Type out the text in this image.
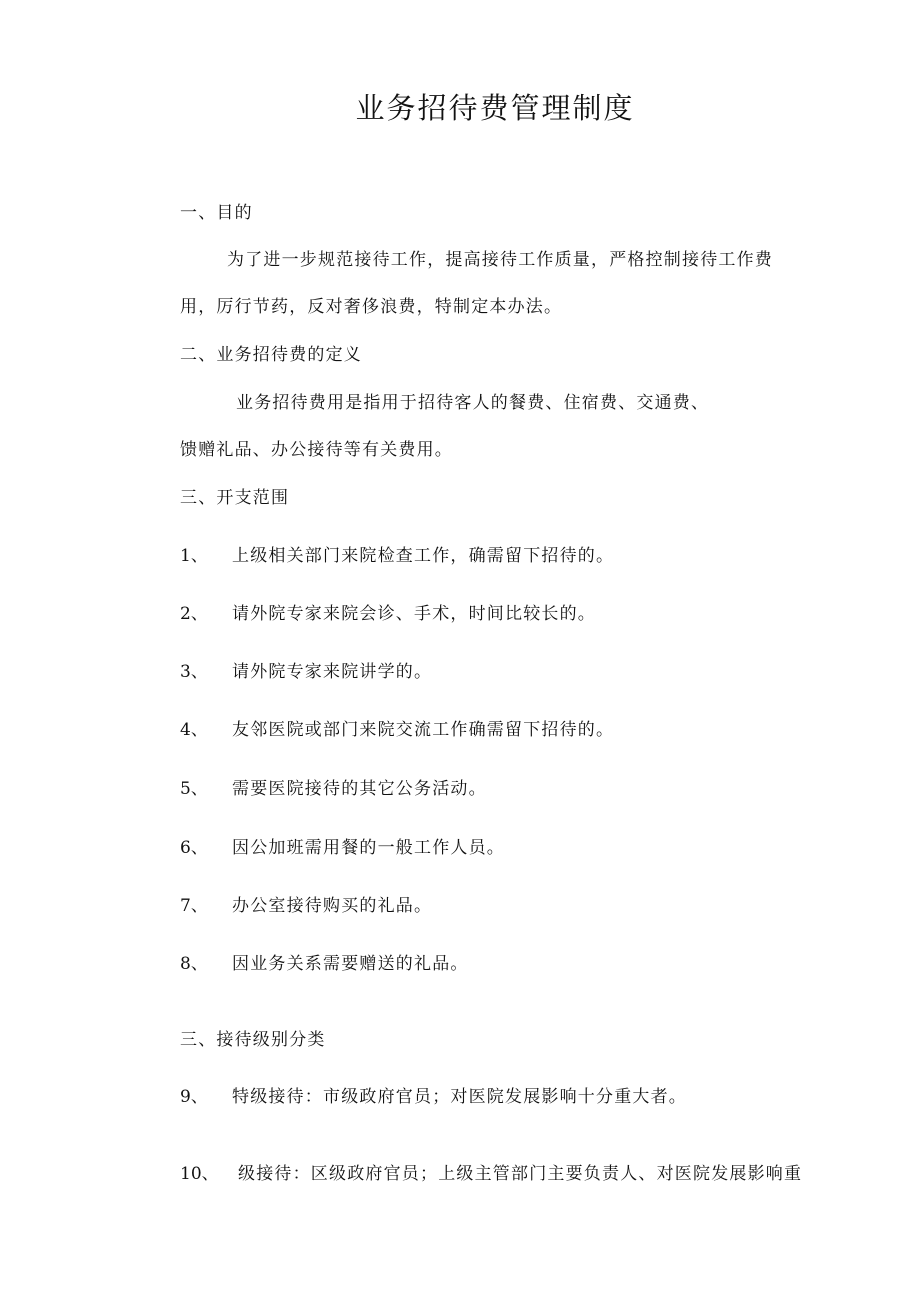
业务招待费管理制度
一、目的
为了进一步规范接待工作，提高接待工作质量，严格控制接待工作费
用，厉行节药，反对奢侈浪费，特制定本办法。
二、业务招待费的定义
业务招待费用是指用于招待客人的餐费、住宿费、交通费、
馈赠礼品、办公接待等有关费用。
三、开支范围
1、 上级相关部门来院检查工作，确需留下招待的。
2、 请外院专家来院会诊、手术，时间比较长的。
3、 请外院专家来院讲学的。
4、 友邻医院或部门来院交流工作确需留下招待的。
5、 需要医院接待的其它公务活动。
6、 因公加班需用餐的一般工作人员。
7、 办公室接待购买的礼品。
8、 因业务关系需要赠送的礼品。
三、接待级别分类
9、 特级接待：市级政府官员；对医院发展影响十分重大者。
10、 级接待：区级政府官员；上级主管部门主要负责人、对医院发展影响重
